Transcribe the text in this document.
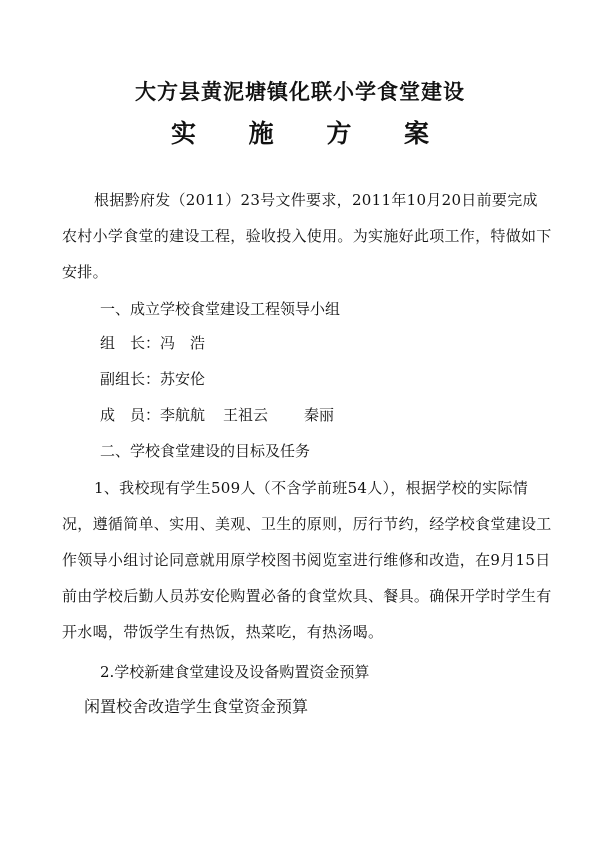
大方县黄泥塘镇化联小学食堂建设
实 施 方 案
根据黔府发（2011）23号文件要求，2011年10月20日前要完成农村小学食堂的建设工程，验收投入使用。为实施好此项工作，特做如下安排。
一、成立学校食堂建设工程领导小组
组　长：冯　浩
副组长：苏安伦
成　员：李航航 王祖云 秦丽
二、学校食堂建设的目标及任务
1、我校现有学生509人（不含学前班54人），根据学校的实际情况，遵循简单、实用、美观、卫生的原则，厉行节约，经学校食堂建设工作领导小组讨论同意就用原学校图书阅览室进行维修和改造，在9月15日前由学校后勤人员苏安伦购置必备的食堂炊具、餐具。确保开学时学生有开水喝，带饭学生有热饭，热菜吃，有热汤喝。
2.学校新建食堂建设及设备购置资金预算
闲置校舍改造学生食堂资金预算
